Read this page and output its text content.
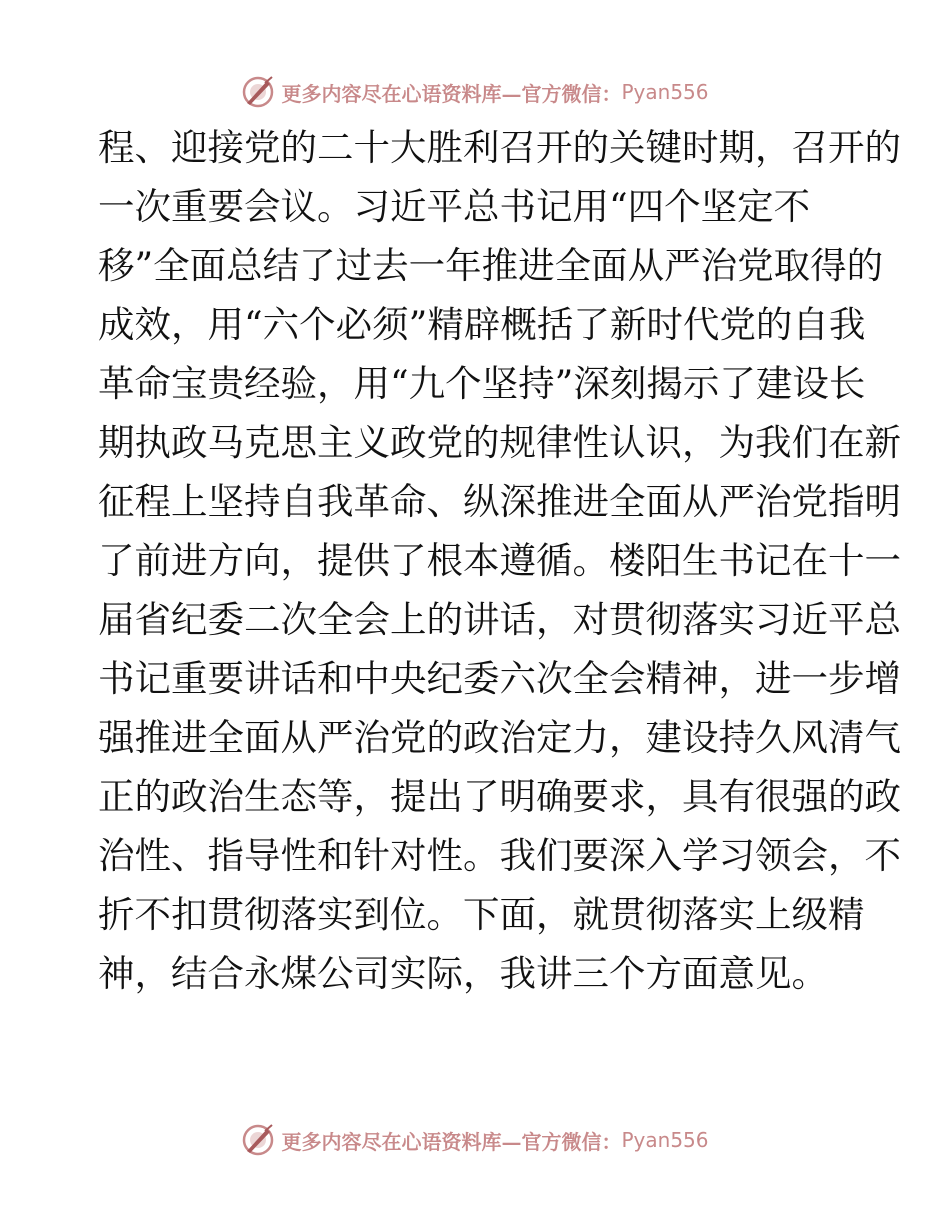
更多内容尽在心语资料库—官方微信： Pyan556
程、迎接党的二十大胜利召开的关键时期，召开的
一次重要会议。习近平总书记用“四个坚定不
移”全面总结了过去一年推进全面从严治党取得的
成效，用“六个必须”精辟概括了新时代党的自我
革命宝贵经验，用“九个坚持”深刻揭示了建设长
期执政马克思主义政党的规律性认识，为我们在新
征程上坚持自我革命、纵深推进全面从严治党指明
了前进方向，提供了根本遵循。楼阳生书记在十一
届省纪委二次全会上的讲话，对贯彻落实习近平总
书记重要讲话和中央纪委六次全会精神，进一步增
强推进全面从严治党的政治定力，建设持久风清气
正的政治生态等，提出了明确要求，具有很强的政
治性、指导性和针对性。我们要深入学习领会，不
折不扣贯彻落实到位。下面，就贯彻落实上级精
神，结合永煤公司实际，我讲三个方面意见。
更多内容尽在心语资料库—官方微信： Pyan556
